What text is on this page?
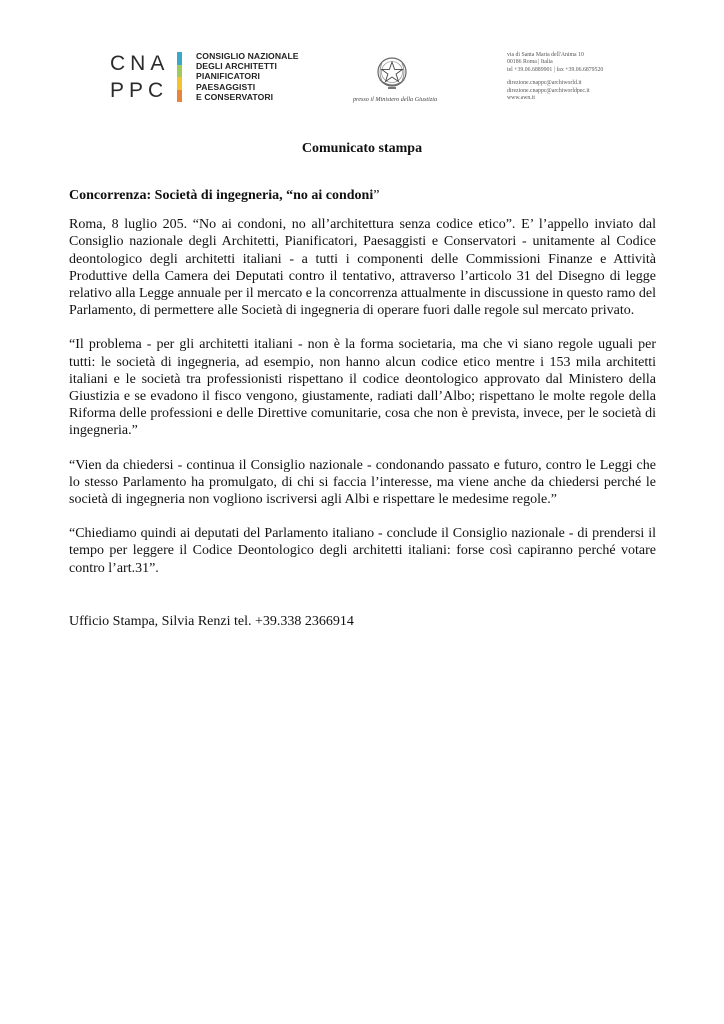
CNA
PPC
CONSIGLIO NAZIONALE
DEGLI ARCHITETTI
PIANIFICATORI
PAESAGGISTI
E CONSERVATORI	presso il Ministero della Giustizia
via di Santa Maria dell'Anima 10
00186 Roma | Italia
tel +39.06.6889901 | fax +39.06.6879520
direzione.cnappc@archiworld.it
direzione.cnappc@archiworldpec.it
www.awn.it
Comunicato stampa

Concorrenza: Società di ingegneria, “no ai condoni”

Roma, 8 luglio 205. “No ai condoni, no all’architettura senza codice etico”. E’ l’appello inviato dal Consiglio nazionale degli Architetti, Pianificatori, Paesaggisti e Conservatori - unitamente al Codice deontologico degli architetti italiani - a tutti i componenti delle Commissioni Finanze e Attività Produttive della Camera dei Deputati contro il tentativo, attraverso l’articolo 31 del Disegno di legge relativo alla Legge annuale per il mercato e la concorrenza attualmente in discussione in questo ramo del Parlamento, di permettere alle Società di ingegneria di operare fuori dalle regole sul mercato privato.

“Il problema - per gli architetti italiani - non è la forma societaria, ma che vi siano regole uguali per tutti: le società di ingegneria, ad esempio, non hanno alcun codice etico mentre i 153 mila architetti italiani e le società tra professionisti rispettano il codice deontologico approvato dal Ministero della Giustizia e se evadono il fisco vengono, giustamente, radiati dall’Albo; rispettano le molte regole della Riforma delle professioni e delle Direttive comunitarie, cosa che non è prevista, invece, per le società di ingegneria.”

“Vien da chiedersi - continua il Consiglio nazionale - condonando passato e futuro, contro le Leggi che lo stesso Parlamento ha promulgato, di chi si faccia l’interesse, ma viene anche da chiedersi perché le società di ingegneria non vogliono iscriversi agli Albi e rispettare le medesime regole.”

“Chiediamo quindi ai deputati del Parlamento italiano - conclude il Consiglio nazionale - di prendersi il tempo per leggere il Codice Deontologico degli architetti italiani: forse così capiranno perché votare contro l’art.31”.

Ufficio Stampa, Silvia Renzi tel. +39.338 2366914
